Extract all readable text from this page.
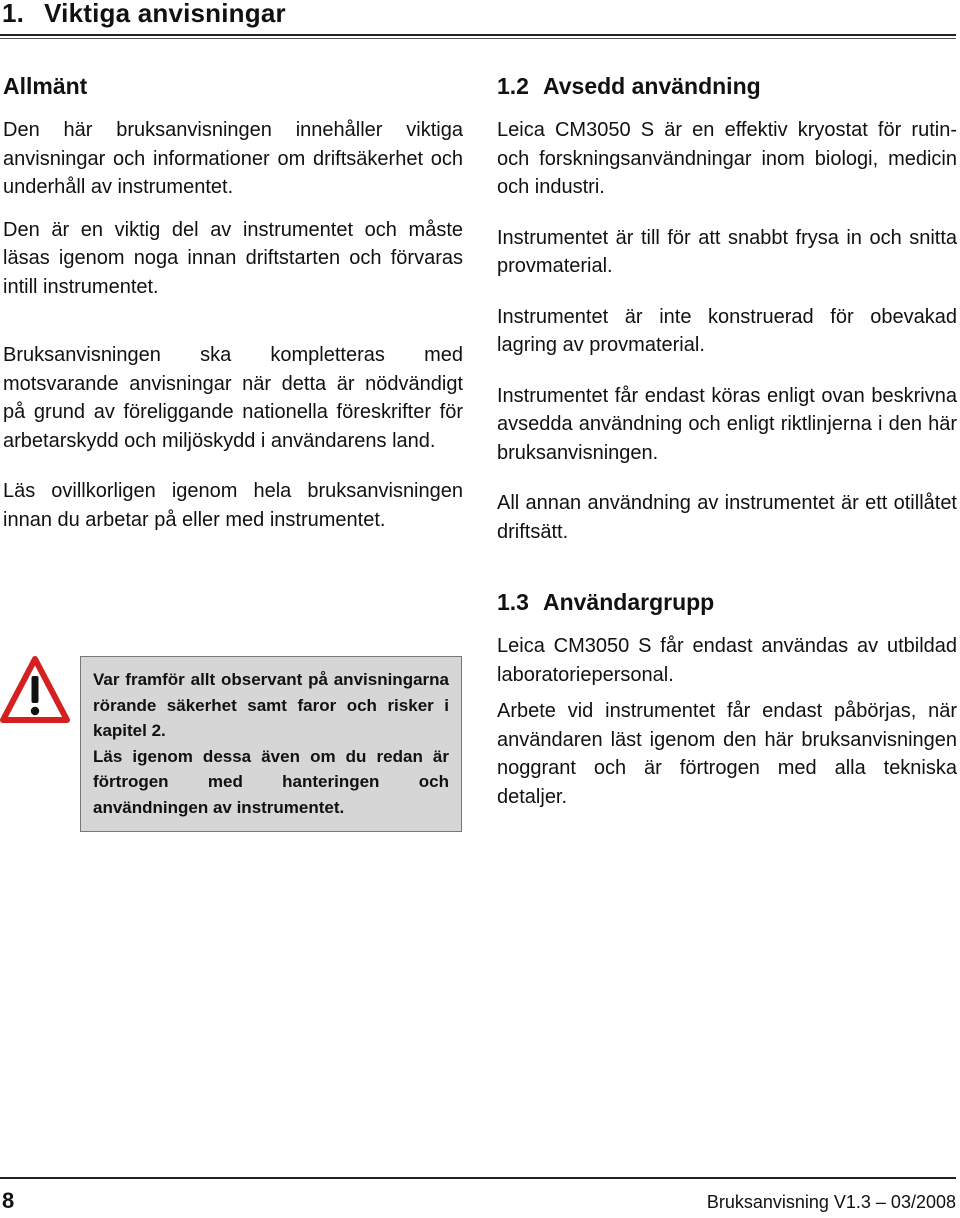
1. Viktiga anvisningar
Allmänt

Den här bruksanvisningen innehåller viktiga anvisningar och informationer om driftsäkerhet och underhåll av instrumentet.

Den är en viktig del av instrumentet och måste läsas igenom noga innan driftstarten och förvaras intill instrumentet.

Bruksanvisningen ska kompletteras med motsvarande anvisningar när detta är nödvändigt på grund av föreliggande nationella föreskrifter för arbetarskydd och miljöskydd i användarens land.

Läs ovillkorligen igenom hela bruksanvisningen innan du arbetar på eller med instrumentet.

Var framför allt observant på anvisningarna rörande säkerhet samt faror och risker i kapitel 2.

Läs igenom dessa även om du redan är förtrogen med hanteringen och användningen av instrumentet.

1.2 Avsedd användning

Leica CM3050 S är en effektiv kryostat för rutin- och forskningsanvändningar inom biologi, medicin och industri.

Instrumentet är till för att snabbt frysa in och snitta provmaterial.

Instrumentet är inte konstruerad för obevakad lagring av provmaterial.

Instrumentet får endast köras enligt ovan beskrivna avsedda användning och enligt riktlinjerna i den här bruksanvisningen.

All annan användning av instrumentet är ett otillåtet driftsätt.

1.3 Användargrupp

Leica CM3050 S får endast användas av utbildad laboratoriepersonal.

Arbete vid instrumentet får endast påbörjas, när användaren läst igenom den här bruksanvisningen noggrant och är förtrogen med alla tekniska detaljer.

8	Bruksanvisning V1.3 – 03/2008
